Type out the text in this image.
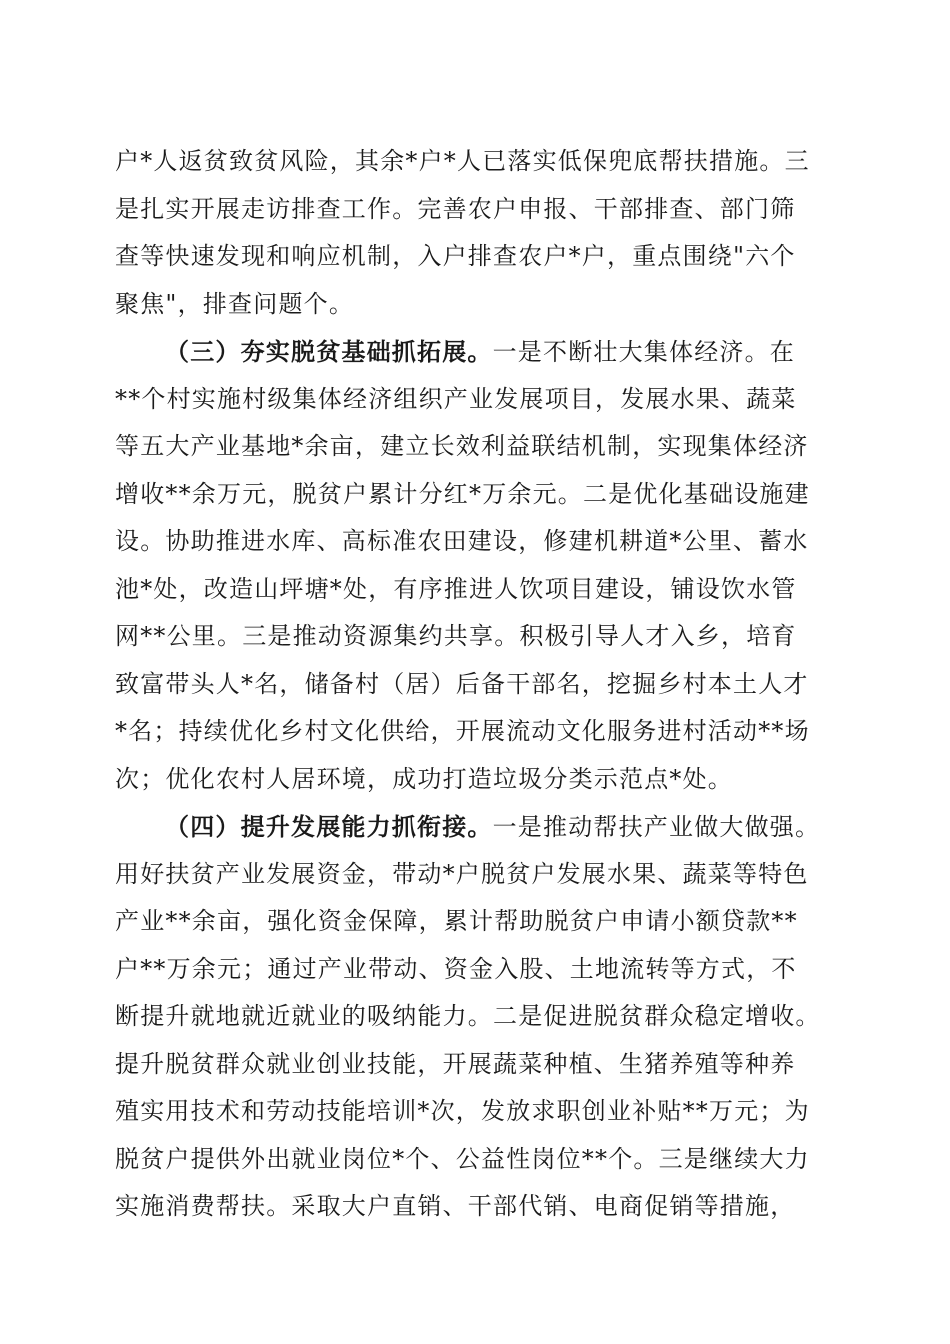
户*人返贫致贫风险，其余*户*人已落实低保兜底帮扶措施。三
是扎实开展走访排查工作。完善农户申报、干部排查、部门筛
查等快速发现和响应机制，入户排查农户*户，重点围绕"六个
聚焦"，排查问题个。
（三）夯实脱贫基础抓拓展。一是不断壮大集体经济。在
**个村实施村级集体经济组织产业发展项目，发展水果、蔬菜
等五大产业基地*余亩，建立长效利益联结机制，实现集体经济
增收**余万元，脱贫户累计分红*万余元。二是优化基础设施建
设。协助推进水库、高标准农田建设，修建机耕道*公里、蓄水
池*处，改造山坪塘*处，有序推进人饮项目建设，铺设饮水管
网**公里。三是推动资源集约共享。积极引导人才入乡，培育
致富带头人*名，储备村（居）后备干部名，挖掘乡村本土人才
*名；持续优化乡村文化供给，开展流动文化服务进村活动**场
次；优化农村人居环境，成功打造垃圾分类示范点*处。
（四）提升发展能力抓衔接。一是推动帮扶产业做大做强。
用好扶贫产业发展资金，带动*户脱贫户发展水果、蔬菜等特色
产业**余亩，强化资金保障，累计帮助脱贫户申请小额贷款**
户**万余元；通过产业带动、资金入股、土地流转等方式，不
断提升就地就近就业的吸纳能力。二是促进脱贫群众稳定增收。
提升脱贫群众就业创业技能，开展蔬菜种植、生猪养殖等种养
殖实用技术和劳动技能培训*次，发放求职创业补贴**万元；为
脱贫户提供外出就业岗位*个、公益性岗位**个。三是继续大力
实施消费帮扶。采取大户直销、干部代销、电商促销等措施，
